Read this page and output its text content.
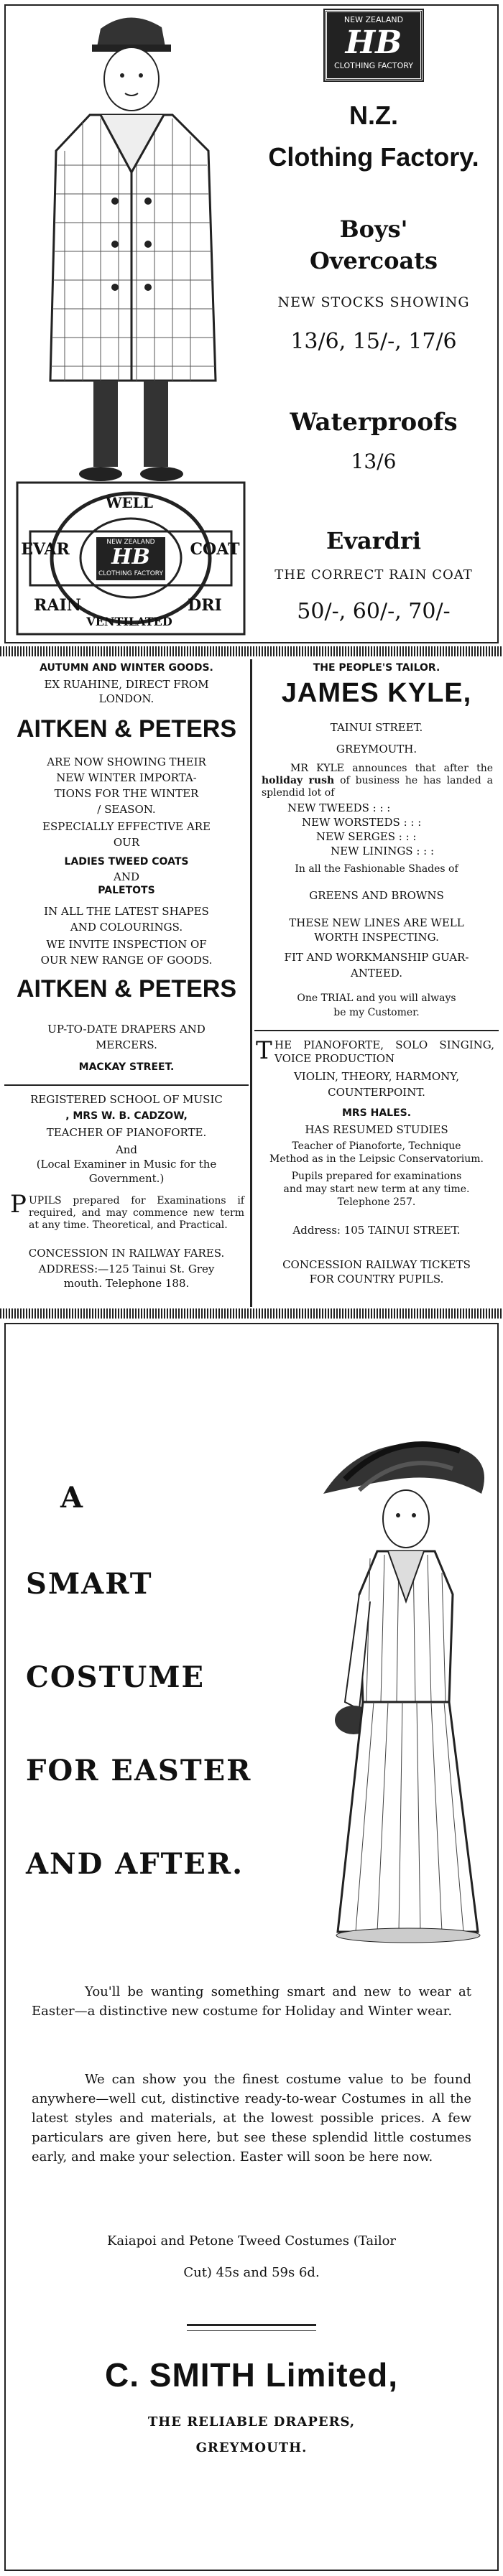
NEW ZEALAND
HB
CLOTHING FACTORY
N.Z.
Clothing Factory.
Boys'
Overcoats
NEW STOCKS SHOWING
13/6, 15/-, 17/6
Waterproofs
13/6
EVAR
WELL
COAT
RAIN	DRI
VENTILATED
NEW ZEALAND
HB
CLOTHING FACTORY
Evardri
THE CORRECT RAIN COAT
50/-, 60/-, 70/-
AUTUMN AND WINTER GOODS.
EX RUAHINE, DIRECT FROM
LONDON.
AITKEN & PETERS
ARE NOW SHOWING THEIR
NEW WINTER IMPORTA-
TIONS FOR THE WINTER
/ SEASON.
ESPECIALLY EFFECTIVE ARE
OUR
LADIES TWEED COATS
AND
PALETOTS
IN ALL THE LATEST SHAPES
AND COLOURINGS.
WE INVITE INSPECTION OF
OUR NEW RANGE OF GOODS.
AITKEN & PETERS
UP-TO-DATE DRAPERS AND
MERCERS.
MACKAY STREET.
REGISTERED SCHOOL OF MUSIC
, MRS W. B. CADZOW,
TEACHER OF PIANOFORTE.
And
(Local Examiner in Music for the
Government.)
P UPILS prepared for Examinations if required, and may commence new term at any time. Theoretical, and Practical.
CONCESSION IN RAILWAY FARES.
ADDRESS:—125 Tainui St. Grey
mouth. Telephone 188.
THE PEOPLE'S TAILOR.
JAMES KYLE,
TAINUI STREET.
GREYMOUTH.
MR KYLE announces that after the holiday rush of business he has landed a splendid lot of
NEW TWEEDS : : :
NEW WORSTEDS : : :
NEW SERGES : : :
NEW LININGS : : :
In all the Fashionable Shades of
GREENS AND BROWNS
THESE NEW LINES ARE WELL
WORTH INSPECTING.
FIT AND WORKMANSHIP GUAR-
ANTEED.
One TRIAL and you will always
be my Customer.
T HE PIANOFORTE, SOLO SINGING, VOICE PRODUCTION
VIOLIN, THEORY, HARMONY,
COUNTERPOINT.
MRS HALES.
HAS RESUMED STUDIES
Teacher of Pianoforte, Technique
Method as in the Leipsic Conservatorium.
Pupils prepared for examinations
and may start new term at any time.
Telephone 257.
Address: 105 TAINUI STREET.
CONCESSION RAILWAY TICKETS
FOR COUNTRY PUPILS.
A
SMART
COSTUME
FOR EASTER
AND AFTER.
You'll be wanting something smart and new to wear at Easter—a distinctive new costume for Holiday and Winter wear.
We can show you the finest costume value to be found anywhere—well cut, distinctive ready-to-wear Costumes in all the latest styles and materials, at the lowest possible prices. A few particulars are given here, but see these splendid little costumes early, and make your selection. Easter will soon be here now.
Kaiapoi and Petone Tweed Costumes (Tailor
Cut) 45s and 59s 6d.
C. SMITH Limited,
THE RELIABLE DRAPERS,
GREYMOUTH.
